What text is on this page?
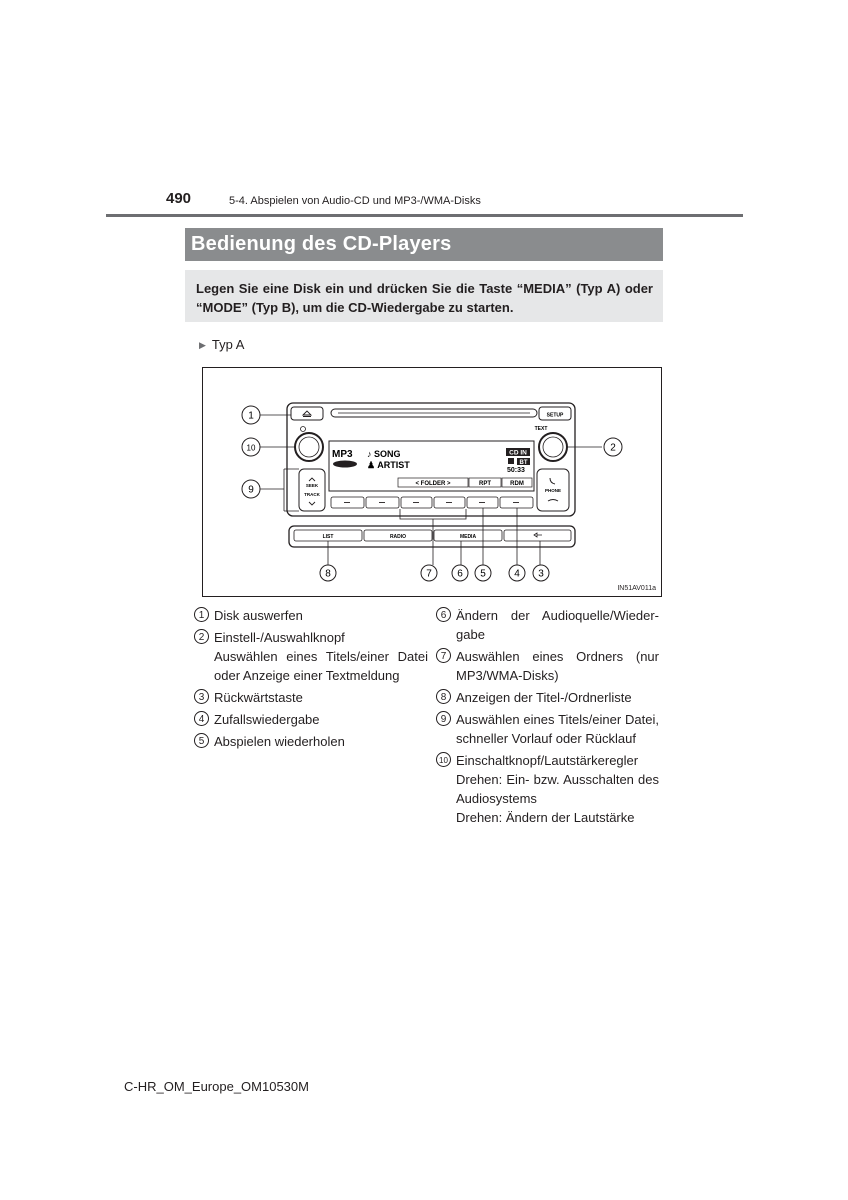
490	5-4. Abspielen von Audio-CD und MP3-/WMA-Disks
Bedienung des CD-Players
Legen Sie eine Disk ein und drücken Sie die Taste “MEDIA” (Typ A) oder “MODE” (Typ B), um die CD-Wiedergabe zu starten.
▶ Typ A
SETUP
TEXT
SEEK
TRACK
PHONE
MP3 ♪ SONG
♟ ARTIST
CD IN
BT
50:33
< FOLDER >	RPT	RDM
LIST	RADIO	MEDIA
1
10
9
2
3
4
5
6
7
8
IN51AV011a
1 Disk auswerfen
2 Einstell-/Auswahlknopf
Auswählen eines Titels/einer Datei oder Anzeige einer Textmeldung
3 Rückwärtstaste
4 Zufallswiedergabe
5 Abspielen wiederholen
6 Ändern der Audioquelle/Wieder-gabe
7 Auswählen eines Ordners (nur MP3/WMA-Disks)
8 Anzeigen der Titel-/Ordnerliste
9 Auswählen eines Titels/einer Datei, schneller Vorlauf oder Rücklauf
10 Einschaltknopf/Lautstärkeregler
Drehen: Ein- bzw. Ausschalten des Audiosystems
Drehen: Ändern der Lautstärke
C-HR_OM_Europe_OM10530M
